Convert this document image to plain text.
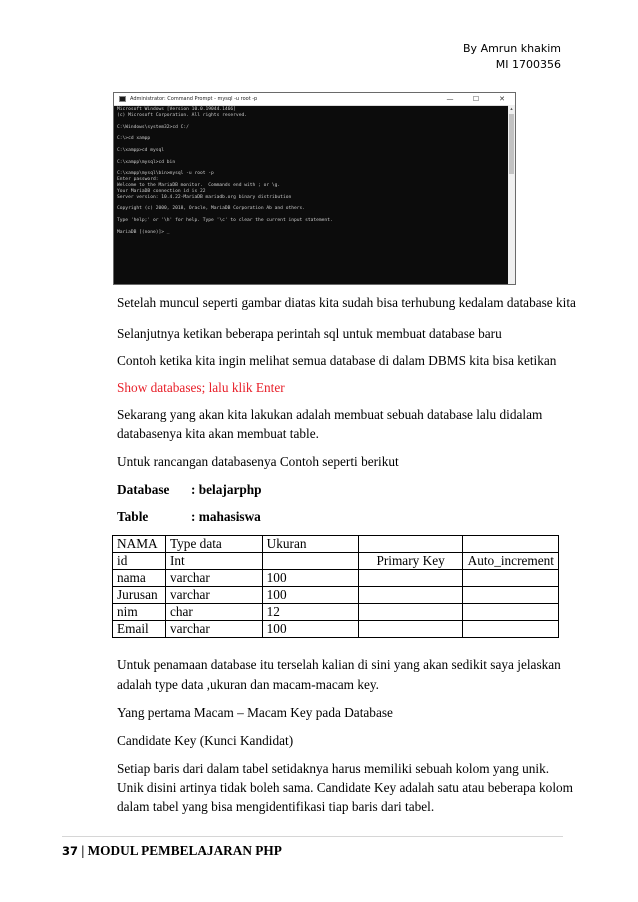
By Amrun khakim
MI 1700356
Administrator: Command Prompt - mysql -u root -p	—	☐	✕
Microsoft Windows [Version 10.0.19044.1466]
(c) Microsoft Corporation. All rights reserved.

C:\Windows\system32>cd C:/

C:\>cd xampp

C:\xampp>cd mysql

C:\xampp\mysql>cd bin

C:\xampp\mysql\bin>mysql -u root -p
Enter password:
Welcome to the MariaDB monitor.  Commands end with ; or \g.
Your MariaDB connection id is 22
Server version: 10.4.22-MariaDB mariadb.org binary distribution

Copyright (c) 2000, 2018, Oracle, MariaDB Corporation Ab and others.

Type 'help;' or '\h' for help. Type '\c' to clear the current input statement.

MariaDB [(none)]> _
▲
Setelah muncul seperti gambar diatas kita sudah bisa terhubung kedalam database kita
Selanjutnya ketikan beberapa perintah sql untuk membuat database baru
Contoh ketika kita ingin melihat semua database di dalam DBMS kita bisa ketikan
Show databases; lalu klik Enter
Sekarang yang akan kita lakukan adalah membuat sebuah database lalu didalam
databasenya kita akan membuat table.
Untuk rancangan databasenya Contoh seperti berikut
Database : belajarphp
Table	: mahasiswa
NAMA	Type data	Ukuran		
id	Int		Primary Key	Auto_increment
nama	varchar	100		
Jurusan	varchar	100		
nim	char	12		
Email	varchar	100		
Untuk penamaan database itu terselah kalian di sini yang akan sedikit saya jelaskan
adalah type data ,ukuran dan macam-macam key.
Yang pertama Macam – Macam Key pada Database
Candidate Key (Kunci Kandidat)
Setiap baris dari dalam tabel setidaknya harus memiliki sebuah kolom yang unik.
Unik disini artinya tidak boleh sama. Candidate Key adalah satu atau beberapa kolom
dalam tabel yang bisa mengidentifikasi tiap baris dari tabel.
37 | MODUL PEMBELAJARAN PHP
